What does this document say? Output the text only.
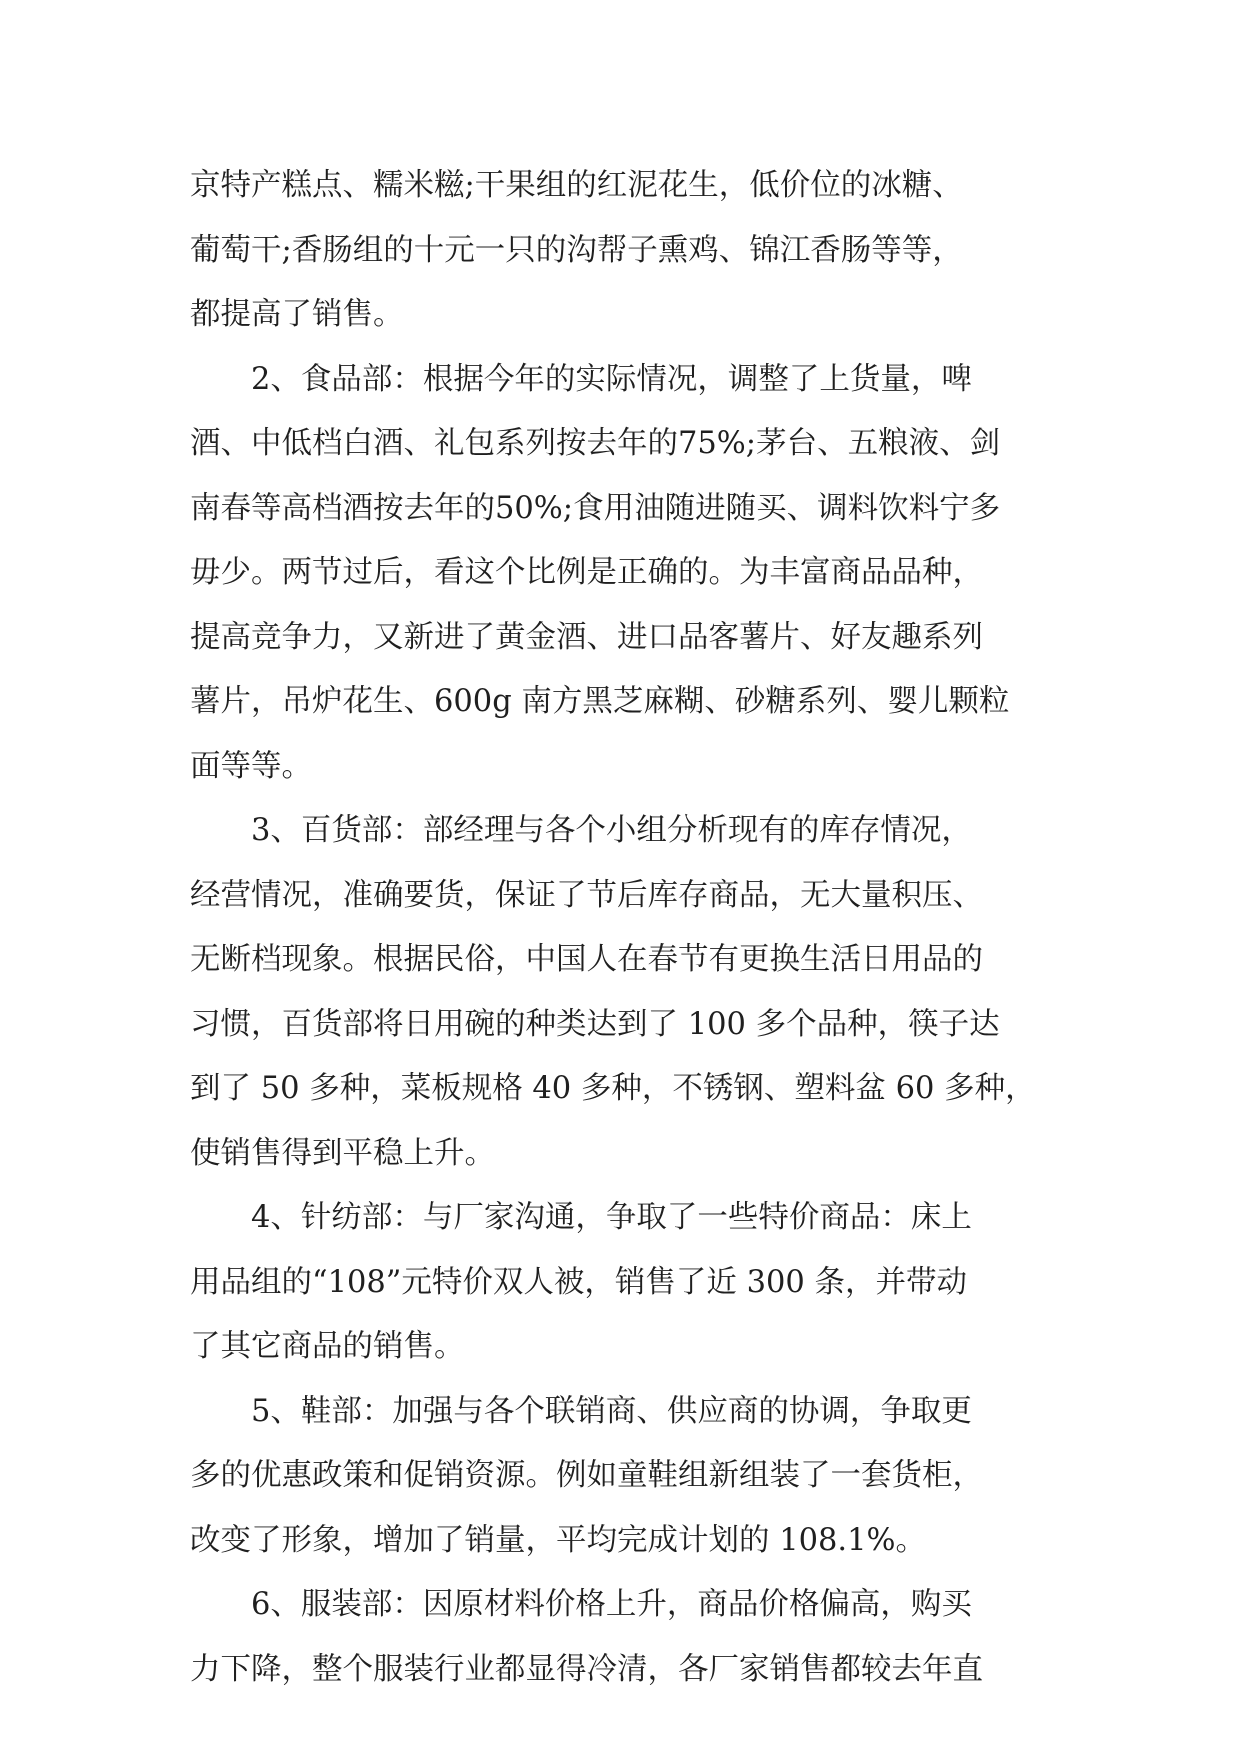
京特产糕点、糯米糍;干果组的红泥花生，低价位的冰糖、
葡萄干;香肠组的十元一只的沟帮子熏鸡、锦江香肠等等，
都提高了销售。
2、食品部：根据今年的实际情况，调整了上货量，啤
酒、中低档白酒、礼包系列按去年的75%;茅台、五粮液、剑
南春等高档酒按去年的50%;食用油随进随买、调料饮料宁多
毋少。两节过后，看这个比例是正确的。为丰富商品品种，
提高竞争力，又新进了黄金酒、进口品客薯片、好友趣系列
薯片，吊炉花生、600g 南方黑芝麻糊、砂糖系列、婴儿颗粒
面等等。
3、百货部：部经理与各个小组分析现有的库存情况，
经营情况，准确要货，保证了节后库存商品，无大量积压、
无断档现象。根据民俗，中国人在春节有更换生活日用品的
习惯，百货部将日用碗的种类达到了 100 多个品种，筷子达
到了 50 多种，菜板规格 40 多种，不锈钢、塑料盆 60 多种，
使销售得到平稳上升。
4、针纺部：与厂家沟通，争取了一些特价商品：床上
用品组的“108”元特价双人被，销售了近 300 条，并带动
了其它商品的销售。
5、鞋部：加强与各个联销商、供应商的协调，争取更
多的优惠政策和促销资源。例如童鞋组新组装了一套货柜，
改变了形象，增加了销量，平均完成计划的 108.1%。
6、服装部：因原材料价格上升，商品价格偏高，购买
力下降，整个服装行业都显得冷清，各厂家销售都较去年直
